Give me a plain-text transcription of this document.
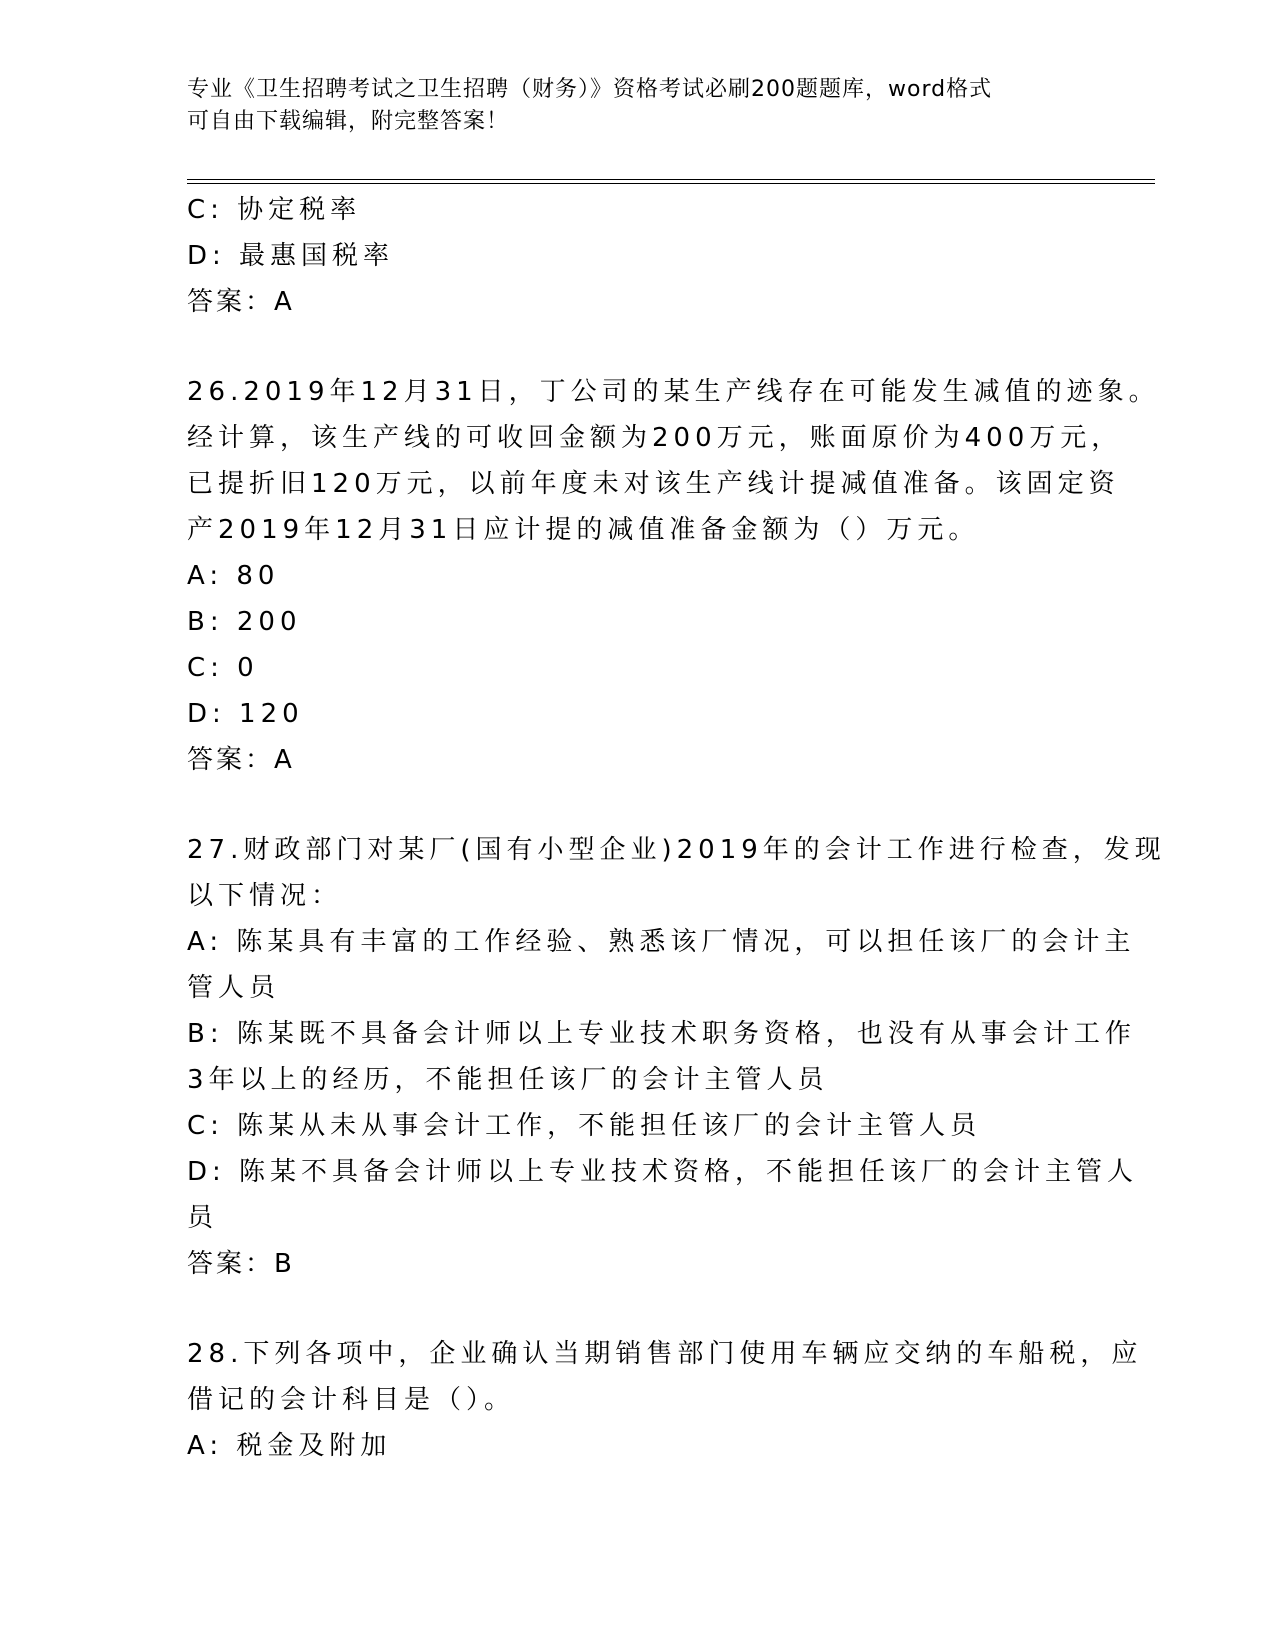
专业《卫生招聘考试之卫生招聘（财务）》资格考试必刷200题题库，word格式
可自由下载编辑，附完整答案！
C: 协定税率
D: 最惠国税率
答案：A
26.2019年12月31日，丁公司的某生产线存在可能发生减值的迹象。
经计算，该生产线的可收回金额为200万元，账面原价为400万元，
已提折旧120万元，以前年度未对该生产线计提减值准备。该固定资
产2019年12月31日应计提的减值准备金额为（）万元。
A: 80
B: 200
C: 0
D: 120
答案：A
27.财政部门对某厂(国有小型企业)2019年的会计工作进行检查，发现
以下情况：
A: 陈某具有丰富的工作经验、熟悉该厂情况，可以担任该厂的会计主
管人员
B: 陈某既不具备会计师以上专业技术职务资格，也没有从事会计工作
3年以上的经历，不能担任该厂的会计主管人员
C: 陈某从未从事会计工作，不能担任该厂的会计主管人员
D: 陈某不具备会计师以上专业技术资格，不能担任该厂的会计主管人
员
答案：B
28.下列各项中，企业确认当期销售部门使用车辆应交纳的车船税，应
借记的会计科目是（）。
A: 税金及附加
